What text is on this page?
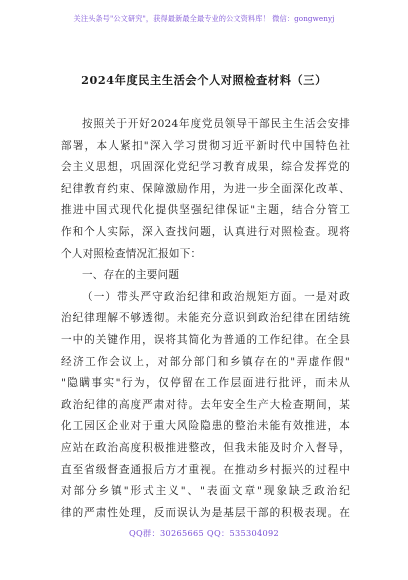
关注头条号"公文研究"，获得最新最全最专业的公文资料库！ 微信：gongwenyj
2024年度民主生活会个人对照检查材料（三）
按照关于开好2024年度党员领导干部民主生活会安排
部署，本人紧扣"深入学习贯彻习近平新时代中国特色社
会主义思想，巩固深化党纪学习教育成果，综合发挥党的
纪律教育约束、保障激励作用，为进一步全面深化改革、
推进中国式现代化提供坚强纪律保证"主题，结合分管工
作和个人实际，深入查找问题，认真进行对照检查。现将
个人对照检查情况汇报如下：
一、存在的主要问题
（一）带头严守政治纪律和政治规矩方面。一是对政
治纪律理解不够透彻。未能充分意识到政治纪律在团结统
一中的关键作用，误将其简化为普通的工作纪律。在全县
经济工作会议上，对部分部门和乡镇存在的"弄虚作假"
"隐瞒事实"行为，仅停留在工作层面进行批评，而未从
政治纪律的高度严肃对待。去年安全生产大检查期间，某
化工园区企业对于重大风险隐患的整治未能有效推进，本
应站在政治高度积极推进整改，但我未能及时介入督导，
直至省级督查通报后方才重视。在推动乡村振兴的过程中
对部分乡镇"形式主义"、"表面文章"现象缺乏政治纪
律的严肃性处理，反而误认为是基层干部的积极表现。在
QQ群：30265665 QQ：535304092
